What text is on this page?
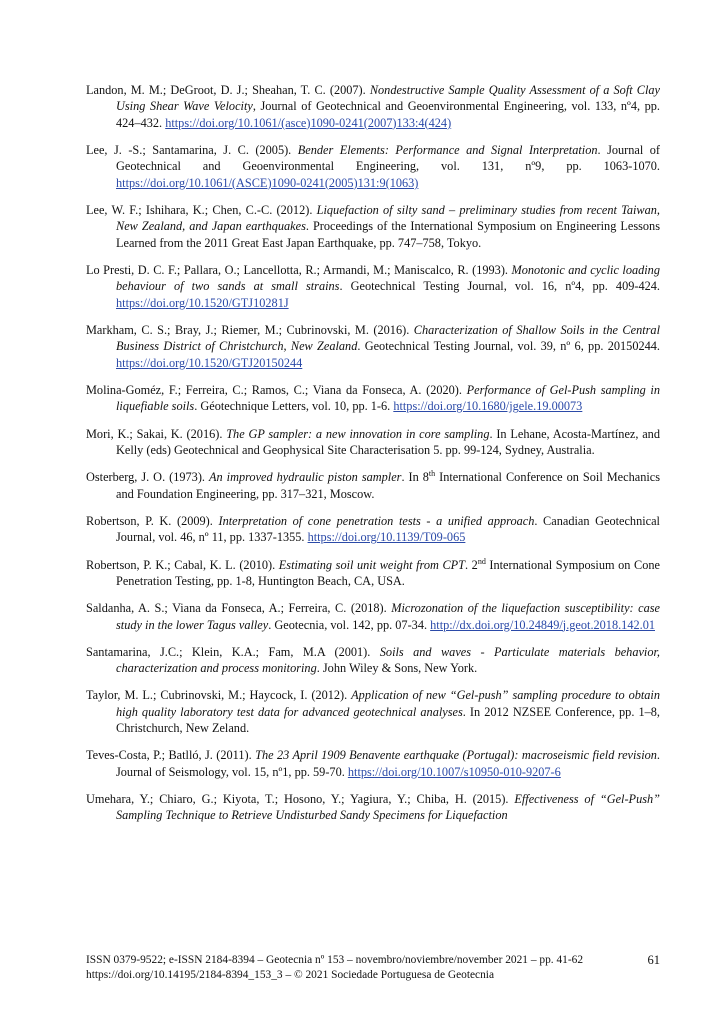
Landon, M. M.; DeGroot, D. J.; Sheahan, T. C. (2007). Nondestructive Sample Quality Assessment of a Soft Clay Using Shear Wave Velocity, Journal of Geotechnical and Geoenvironmental Engineering, vol. 133, nº4, pp. 424–432. https://doi.org/10.1061/(asce)1090-0241(2007)133:4(424)

Lee, J. -S.; Santamarina, J. C. (2005). Bender Elements: Performance and Signal Interpretation. Journal of Geotechnical and Geoenvironmental Engineering, vol. 131, nº9, pp. 1063-1070. https://doi.org/10.1061/(ASCE)1090-0241(2005)131:9(1063)

Lee, W. F.; Ishihara, K.; Chen, C.-C. (2012). Liquefaction of silty sand – preliminary studies from recent Taiwan, New Zealand, and Japan earthquakes. Proceedings of the International Symposium on Engineering Lessons Learned from the 2011 Great East Japan Earthquake, pp. 747–758, Tokyo.

Lo Presti, D. C. F.; Pallara, O.; Lancellotta, R.; Armandi, M.; Maniscalco, R. (1993). Monotonic and cyclic loading behaviour of two sands at small strains. Geotechnical Testing Journal, vol. 16, nº4, pp. 409-424. https://doi.org/10.1520/GTJ10281J

Markham, C. S.; Bray, J.; Riemer, M.; Cubrinovski, M. (2016). Characterization of Shallow Soils in the Central Business District of Christchurch, New Zealand. Geotechnical Testing Journal, vol. 39, nº 6, pp. 20150244. https://doi.org/10.1520/GTJ20150244

Molina-Goméz, F.; Ferreira, C.; Ramos, C.; Viana da Fonseca, A. (2020). Performance of Gel-Push sampling in liquefiable soils. Géotechnique Letters, vol. 10, pp. 1-6. https://doi.org/10.1680/jgele.19.00073

Mori, K.; Sakai, K. (2016). The GP sampler: a new innovation in core sampling. In Lehane, Acosta-Martínez, and Kelly (eds) Geotechnical and Geophysical Site Characterisation 5. pp. 99-124, Sydney, Australia.

Osterberg, J. O. (1973). An improved hydraulic piston sampler. In 8th International Conference on Soil Mechanics and Foundation Engineering, pp. 317–321, Moscow.

Robertson, P. K. (2009). Interpretation of cone penetration tests - a unified approach. Canadian Geotechnical Journal, vol. 46, nº 11, pp. 1337-1355. https://doi.org/10.1139/T09-065

Robertson, P. K.; Cabal, K. L. (2010). Estimating soil unit weight from CPT. 2nd International Symposium on Cone Penetration Testing, pp. 1-8, Huntington Beach, CA, USA.

Saldanha, A. S.; Viana da Fonseca, A.; Ferreira, C. (2018). Microzonation of the liquefaction susceptibility: case study in the lower Tagus valley. Geotecnia, vol. 142, pp. 07-34. http://dx.doi.org/10.24849/j.geot.2018.142.01

Santamarina, J.C.; Klein, K.A.; Fam, M.A (2001). Soils and waves - Particulate materials behavior, characterization and process monitoring. John Wiley & Sons, New York.

Taylor, M. L.; Cubrinovski, M.; Haycock, I. (2012). Application of new “Gel-push” sampling procedure to obtain high quality laboratory test data for advanced geotechnical analyses. In 2012 NZSEE Conference, pp. 1–8, Christchurch, New Zeland.

Teves-Costa, P.; Batlló, J. (2011). The 23 April 1909 Benavente earthquake (Portugal): macroseismic field revision. Journal of Seismology, vol. 15, nº1, pp. 59-70. https://doi.org/10.1007/s10950-010-9207-6

Umehara, Y.; Chiaro, G.; Kiyota, T.; Hosono, Y.; Yagiura, Y.; Chiba, H. (2015). Effectiveness of “Gel-Push” Sampling Technique to Retrieve Undisturbed Sandy Specimens for Liquefaction

ISSN 0379-9522; e-ISSN 2184-8394 – Geotecnia nº 153 – novembro/noviembre/november 2021 – pp. 41-62	61
https://doi.org/10.14195/2184-8394_153_3 – © 2021 Sociedade Portuguesa de Geotecnia
